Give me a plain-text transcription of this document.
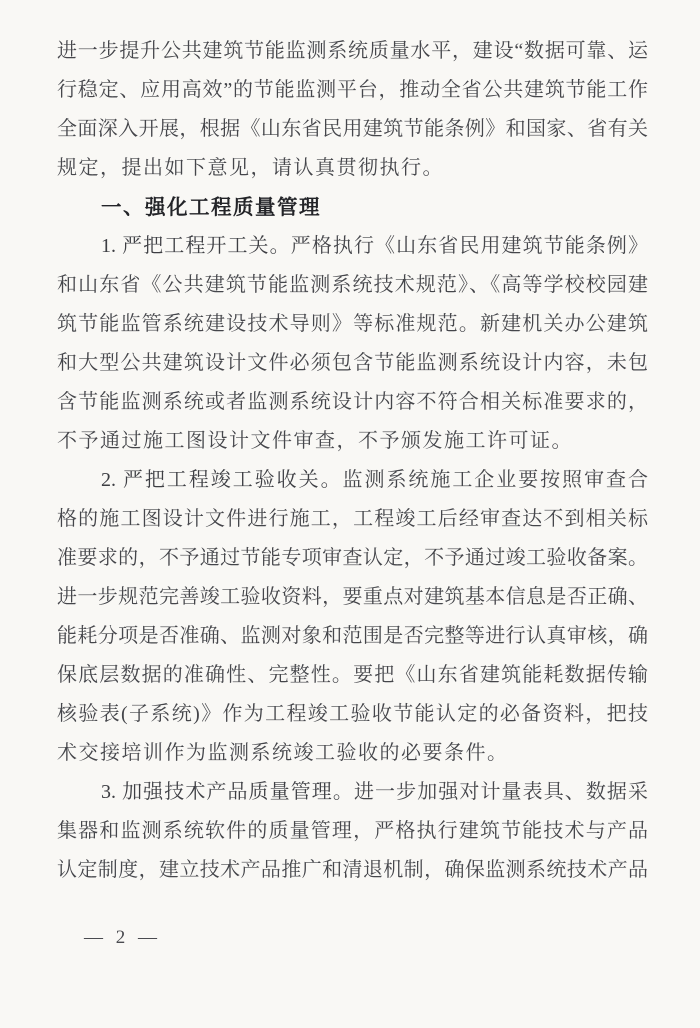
进一步提升公共建筑节能监测系统质量水平，建设“数据可靠、运
行稳定、应用高效”的节能监测平台，推动全省公共建筑节能工作
全面深入开展，根据《山东省民用建筑节能条例》和国家、省有关
规定，提出如下意见，请认真贯彻执行。
一、强化工程质量管理
1. 严把工程开工关。严格执行《山东省民用建筑节能条例》
和山东省《公共建筑节能监测系统技术规范》、《高等学校校园建
筑节能监管系统建设技术导则》等标准规范。新建机关办公建筑
和大型公共建筑设计文件必须包含节能监测系统设计内容，未包
含节能监测系统或者监测系统设计内容不符合相关标准要求的，
不予通过施工图设计文件审查，不予颁发施工许可证。
2. 严把工程竣工验收关。监测系统施工企业要按照审查合
格的施工图设计文件进行施工，工程竣工后经审查达不到相关标
准要求的，不予通过节能专项审查认定，不予通过竣工验收备案。
进一步规范完善竣工验收资料，要重点对建筑基本信息是否正确、
能耗分项是否准确、监测对象和范围是否完整等进行认真审核，确
保底层数据的准确性、完整性。要把《山东省建筑能耗数据传输
核验表(子系统)》作为工程竣工验收节能认定的必备资料，把技
术交接培训作为监测系统竣工验收的必要条件。
3. 加强技术产品质量管理。进一步加强对计量表具、数据采
集器和监测系统软件的质量管理，严格执行建筑节能技术与产品
认定制度，建立技术产品推广和清退机制，确保监测系统技术产品
— 2 —
